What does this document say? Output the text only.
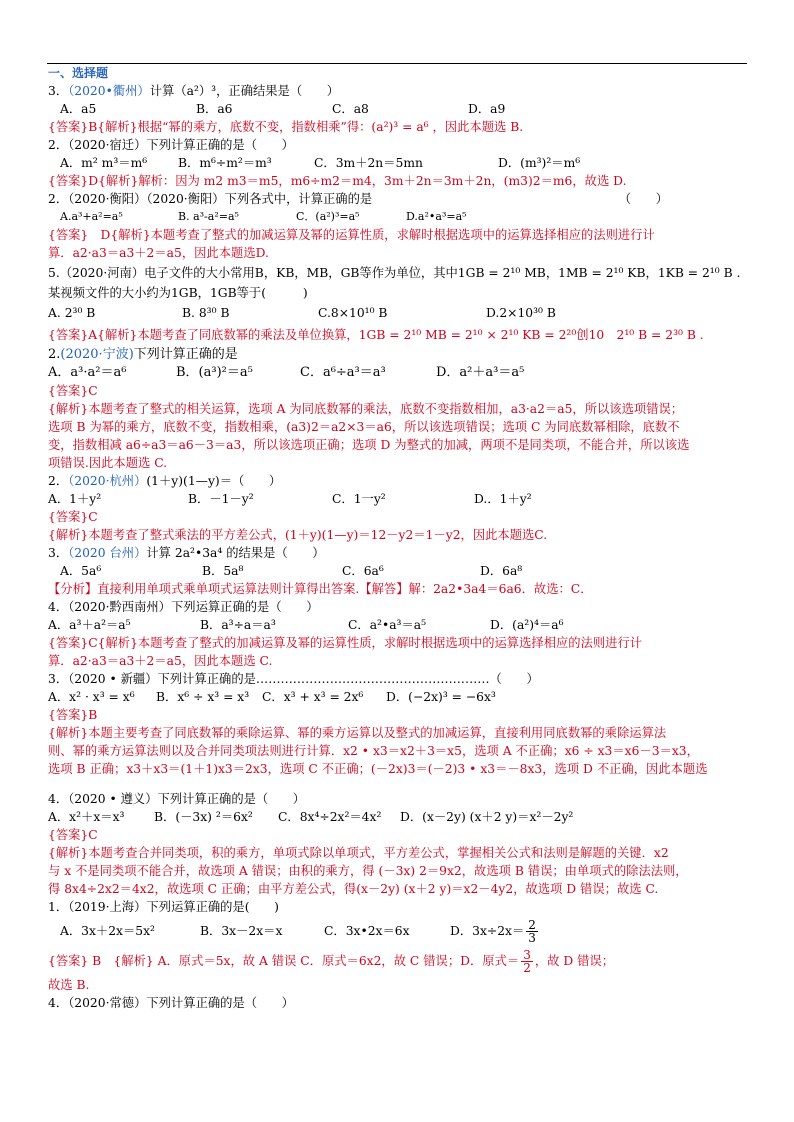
一、选择题
3．（2020•衢州）计算（a²）³，正确结果是（　　）
A．a5	B．a6	C．a8	D．a9
{答案}B{解析}根据“幂的乘方，底数不变，指数相乘”得：(a²)³ = a⁶ ，因此本题选 B.
2．（2020·宿迁）下列计算正确的是（　　）
A．m² m³＝m⁶	B．m⁶÷m²＝m³	C．3m＋2n＝5mn	D．(m³)²＝m⁶
{答案}D{解析}解析：因为 m2 m3＝m5，m6÷m2＝m4，3m＋2n＝3m＋2n，(m3)2＝m6，故选 D.
2．（2020·衡阳）（2020·衡阳）下列各式中，计算正确的是	（　　）
A.a³+a²=a⁵	B. a³-a²=a⁵	C．(a²)³=a⁵	D.a²•a³=a⁵
{答案}　D{解析}本题考查了整式的加减运算及幂的运算性质，求解时根据选项中的运算选择相应的法则进行计
算．a2·a3＝a3＋2＝a5，因此本题选D.
5.（2020·河南）电子文件的大小常用B，KB，MB，GB等作为单位，其中1GB = 2¹⁰ MB，1MB = 2¹⁰ KB，1KB = 2¹⁰ B .
某视频文件的大小约为1GB，1GB等于(　　　)
A. 2³⁰ B	B. 8³⁰ B	C.8×10¹⁰ B	D.2×10³⁰ B
{答案}A{解析}本题考查了同底数幂的乘法及单位换算，1GB = 2¹⁰ MB = 2¹⁰ × 2¹⁰ KB = 2²⁰创10　2¹⁰ B = 2³⁰ B .
2.(2020·宁波)下列计算正确的是
A．a³·a²＝a⁶	B．(a³)²＝a⁵	C．a⁶÷a³＝a³	D．a²＋a³＝a⁵
{答案}C
{解析}本题考查了整式的相关运算，选项 A 为同底数幂的乘法，底数不变指数相加，a3·a2＝a5，所以该选项错误；
选项 B 为幂的乘方，底数不变，指数相乘，(a3)2＝a2×3＝a6，所以该选项错误；选项 C 为同底数幂相除，底数不
变，指数相减 a6÷a3＝a6－3＝a3，所以该选项正确；选项 D 为整式的加减，两项不是同类项，不能合并，所以该选
项错误.因此本题选 C.
2．（2020·杭州）(1＋y)(1—y)＝（　　）
A．1＋y²	B．－1－y²	C．1一y²	D.．1＋y²
{答案}C
{解析}本题考查了整式乘法的平方差公式，(1＋y)(1—y)＝12－y2＝1－y2，因此本题选C.
3．（2020 台州）计算 2a²•3a⁴ 的结果是（　　）
A．5a⁶	B．5a⁸	C．6a⁶	D．6a⁸
【分析】直接利用单项式乘单项式运算法则计算得出答案.【解答】解：2a2•3a4＝6a6．故选：C．
4．（2020·黔西南州）下列运算正确的是（　　）
A．a³＋a²＝a⁵	B．a³÷a＝a³	C．a²•a³＝a⁵	D．(a²)⁴＝a⁶
{答案}C{解析}本题考查了整式的加减运算及幂的运算性质，求解时根据选项中的运算选择相应的法则进行计
算．a2·a3＝a3＋2＝a5，因此本题选 C.
3．（2020 • 新疆）下列计算正确的是…………………………………………………（　　）
A．x² · x³ = x⁶	B．x⁶ ÷ x³ = x³	C．x³ + x³ = 2x⁶	D．(−2x)³ = −6x³
{答案}B
{解析}本题主要考查了同底数幂的乘除运算、幂的乘方运算以及整式的加减运算，直接利用同底数幂的乘除运算法
则、幂的乘方运算法则以及合并同类项法则进行计算．x2 • x3＝x2＋3＝x5，选项 A 不正确；x6 ÷ x3＝x6－3＝x3，
选项 B 正确；x3＋x3＝(1＋1)x3＝2x3，选项 C 不正确；(－2x)3＝(－2)3 • x3＝－8x3，选项 D 不正确，因此本题选
4．（2020 • 遵义）下列计算正确的是（　　）
A．x²＋x＝x³	B．(－3x) ²＝6x²	C．8x⁴÷2x²＝4x²	D．(x－2y) (x＋2 y)＝x²－2y²
{答案}C
{解析}本题考查合并同类项，积的乘方，单项式除以单项式，平方差公式，掌握相关公式和法则是解题的关键．x2
与 x 不是同类项不能合并，故选项 A 错误；由积的乘方，得 (－3x) 2＝9x2，故选项 B 错误；由单项式的除法法则，
得 8x4÷2x2＝4x2，故选项 C 正确；由平方差公式，得(x－2y) (x＋2 y)＝x2－4y2，故选项 D 错误；故选 C.
1．（2019·上海）下列运算正确的是(　　)
A．3x＋2x＝5x²	B．3x－2x＝x	C．3x•2x＝6x	D．$3x\div 2x= \frac{2}{3}$
{答案} B　{解析} A．原式＝5x，故 A 错误 C．原式＝6x2，故 C 错误；D．原式＝ $\frac{3}{2}$ ，故 D 错误；
故选 B.
4．（2020·常德）下列计算正确的是（　　）
